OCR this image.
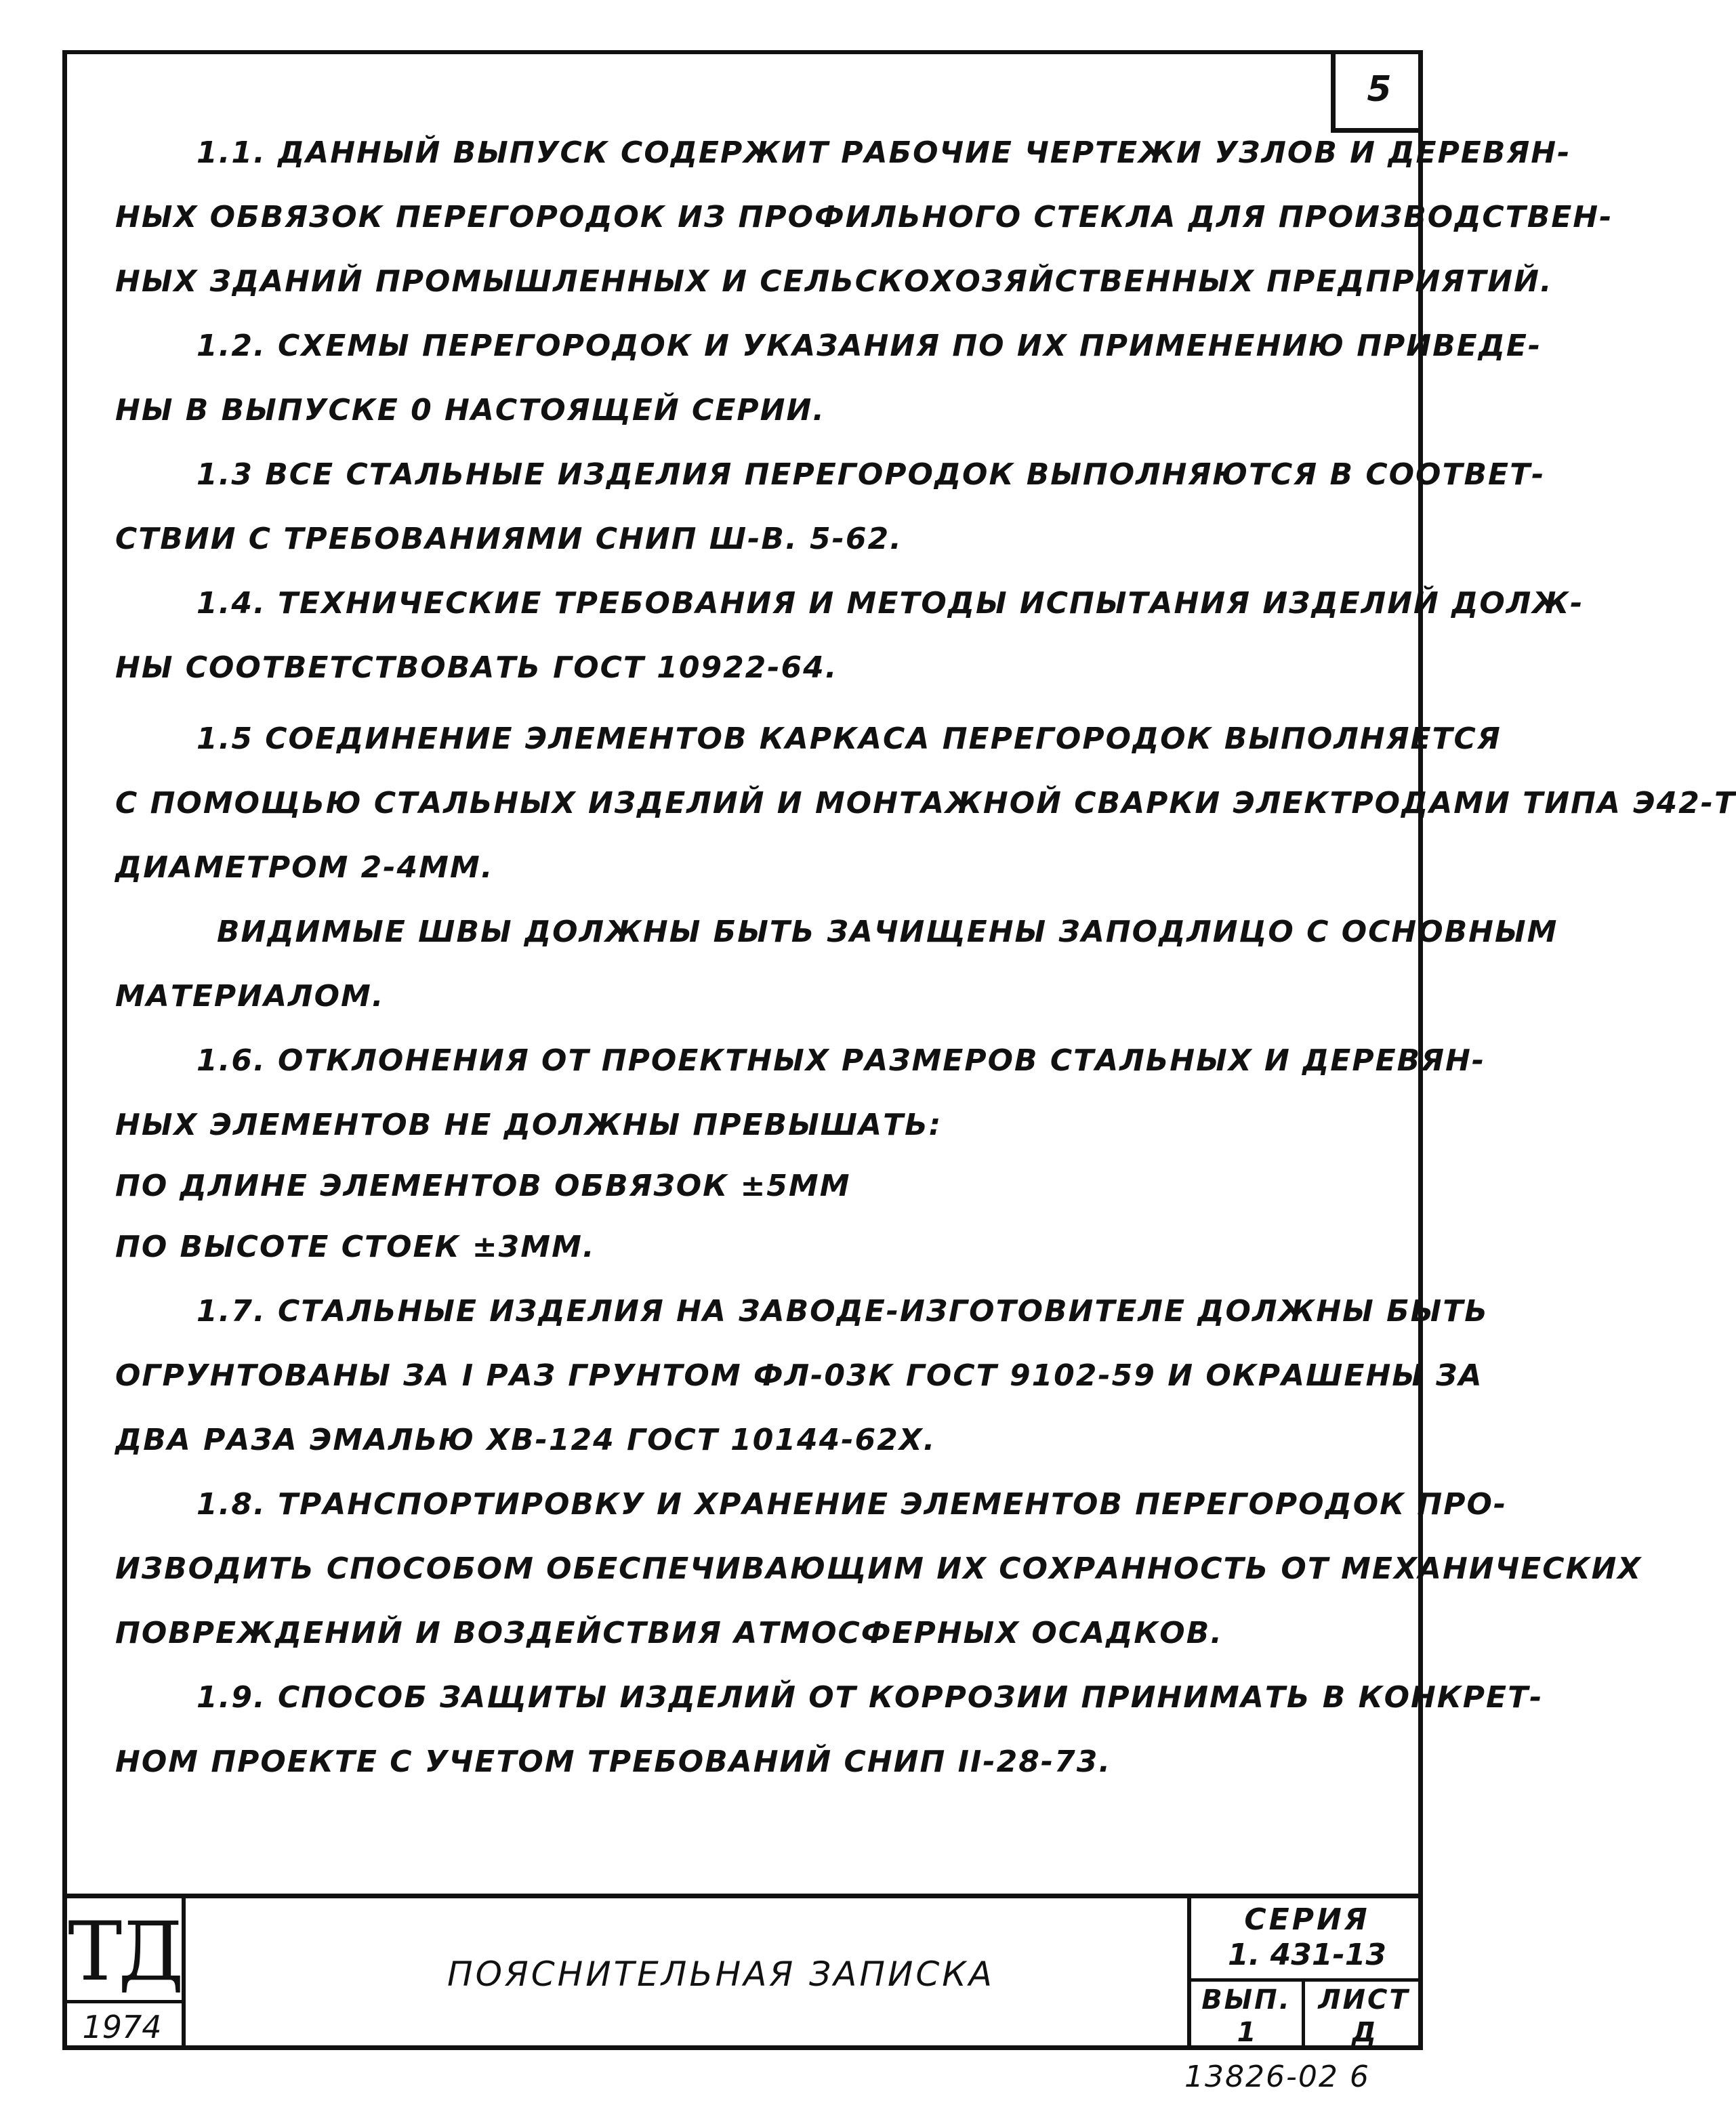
5
1.1. ДАННЫЙ ВЫПУСК СОДЕРЖИТ РАБОЧИЕ ЧЕРТЕЖИ УЗЛОВ И ДЕРЕВЯН-
НЫХ ОБВЯЗОК ПЕРЕГОРОДОК ИЗ ПРОФИЛЬНОГО СТЕКЛА ДЛЯ ПРОИЗВОДСТВЕН-
НЫХ ЗДАНИЙ ПРОМЫШЛЕННЫХ И СЕЛЬСКОХОЗЯЙСТВЕННЫХ ПРЕДПРИЯТИЙ.
1.2. СХЕМЫ ПЕРЕГОРОДОК И УКАЗАНИЯ ПО ИХ ПРИМЕНЕНИЮ ПРИВЕДЕ-
НЫ В ВЫПУСКЕ 0 НАСТОЯЩЕЙ СЕРИИ.
1.3 ВСЕ СТАЛЬНЫЕ ИЗДЕЛИЯ ПЕРЕГОРОДОК ВЫПОЛНЯЮТСЯ В СООТВЕТ-
СТВИИ С ТРЕБОВАНИЯМИ СНИП Ш-В. 5-62.
1.4. ТЕХНИЧЕСКИЕ ТРЕБОВАНИЯ И МЕТОДЫ ИСПЫТАНИЯ ИЗДЕЛИЙ ДОЛЖ-
НЫ СООТВЕТСТВОВАТЬ ГОСТ 10922-64.
1.5 СОЕДИНЕНИЕ ЭЛЕМЕНТОВ КАРКАСА ПЕРЕГОРОДОК ВЫПОЛНЯЕТСЯ
С ПОМОЩЬЮ СТАЛЬНЫХ ИЗДЕЛИЙ И МОНТАЖНОЙ СВАРКИ ЭЛЕКТРОДАМИ ТИПА Э42-Т
ДИАМЕТРОМ 2-4ММ.
ВИДИМЫЕ ШВЫ ДОЛЖНЫ БЫТЬ ЗАЧИЩЕНЫ ЗАПОДЛИЦО С ОСНОВНЫМ
МАТЕРИАЛОМ.
1.6. ОТКЛОНЕНИЯ ОТ ПРОЕКТНЫХ РАЗМЕРОВ СТАЛЬНЫХ И ДЕРЕВЯН-
НЫХ ЭЛЕМЕНТОВ НЕ ДОЛЖНЫ ПРЕВЫШАТЬ:
ПО ДЛИНЕ ЭЛЕМЕНТОВ ОБВЯЗОК ±5ММ
ПО ВЫСОТЕ СТОЕК ±3ММ.
1.7. СТАЛЬНЫЕ ИЗДЕЛИЯ НА ЗАВОДЕ-ИЗГОТОВИТЕЛЕ ДОЛЖНЫ БЫТЬ
ОГРУНТОВАНЫ ЗА I РАЗ ГРУНТОМ ФЛ-03К ГОСТ 9102-59 И ОКРАШЕНЫ ЗА
ДВА РАЗА ЭМАЛЬЮ ХВ-124 ГОСТ 10144-62Х.
1.8. ТРАНСПОРТИРОВКУ И ХРАНЕНИЕ ЭЛЕМЕНТОВ ПЕРЕГОРОДОК ПРО-
ИЗВОДИТЬ СПОСОБОМ ОБЕСПЕЧИВАЮЩИМ ИХ СОХРАННОСТЬ ОТ МЕХАНИЧЕСКИХ
ПОВРЕЖДЕНИЙ И ВОЗДЕЙСТВИЯ АТМОСФЕРНЫХ ОСАДКОВ.
1.9. СПОСОБ ЗАЩИТЫ ИЗДЕЛИЙ ОТ КОРРОЗИИ ПРИНИМАТЬ В КОНКРЕТ-
НОМ ПРОЕКТЕ С УЧЕТОМ ТРЕБОВАНИЙ СНИП II-28-73.
ТД
1974
ПОЯСНИТЕЛЬНАЯ ЗАПИСКА
СЕРИЯ
1. 431-13
ВЫП.
1
ЛИСТ
Д
13826-02 6
